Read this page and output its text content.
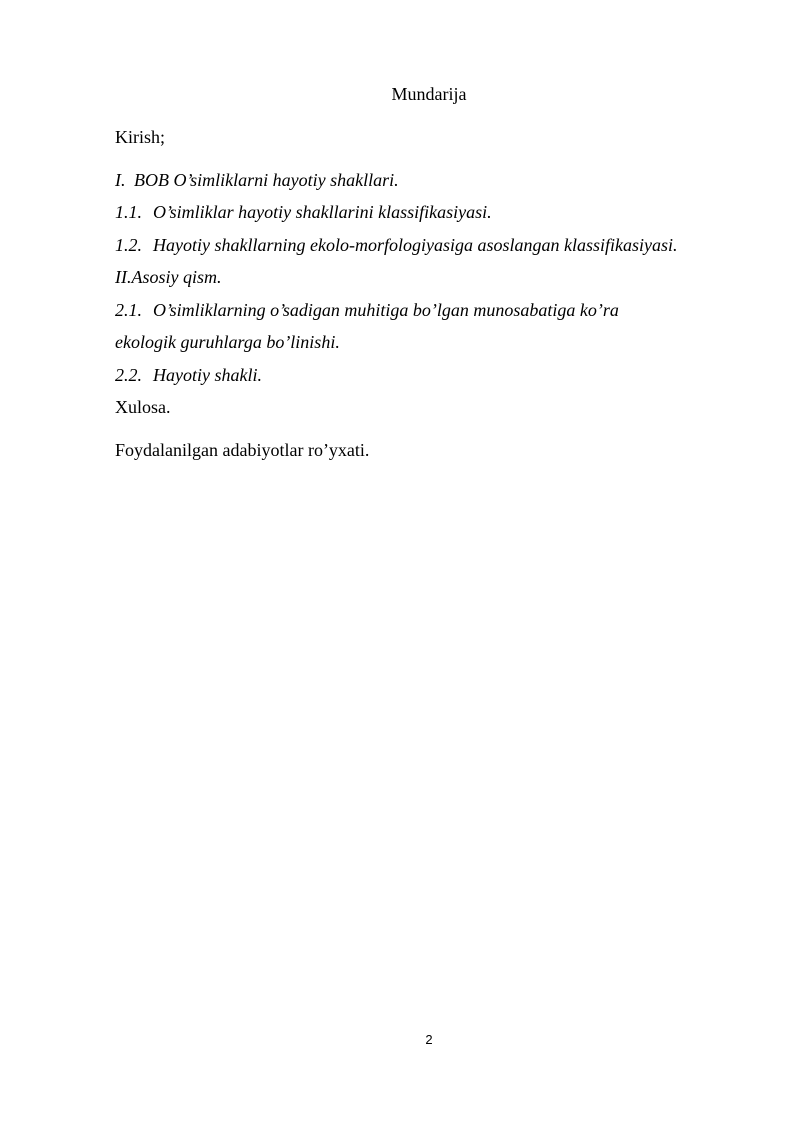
Mundarija
Kirish;
I. BOB O’simliklarni hayotiy shakllari.
1.1. O’simliklar hayotiy shakllarini klassifikasiyasi.
1.2. Hayotiy shakllarning ekolo-morfologiyasiga asoslangan klassifikasiyasi.
II.Asosiy qism.
2.1. O’simliklarning o’sadigan muhitiga bo’lgan munosabatiga ko’ra
ekologik guruhlarga bo’linishi.
2.2. Hayotiy shakli.
Xulosa.
Foydalanilgan adabiyotlar ro’yxati.
2
